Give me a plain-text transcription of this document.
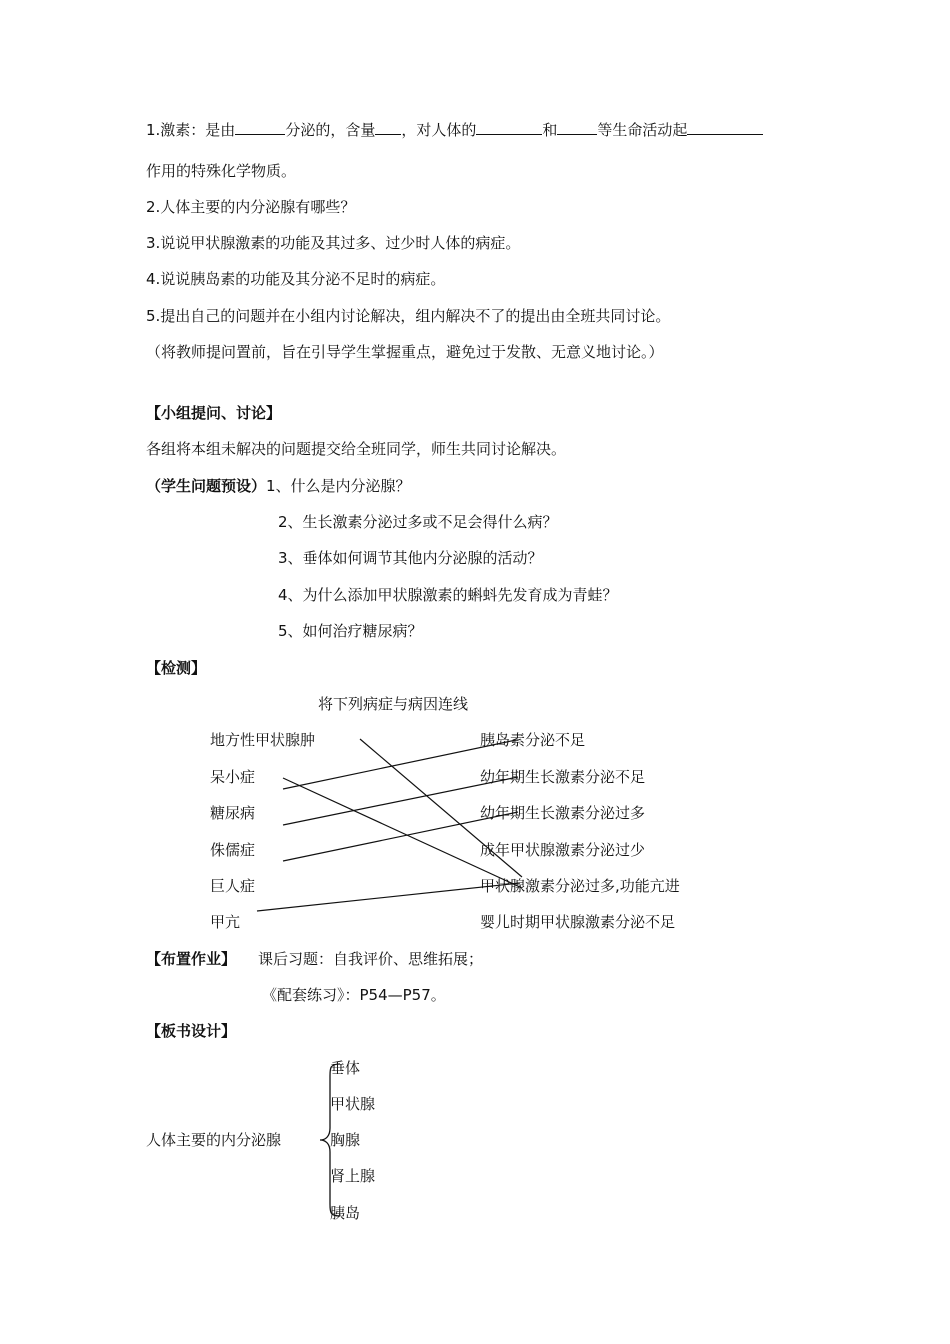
1.激素：是由	分泌的，含量 ，对人体的	和	等生命活动起
作用的特殊化学物质。
2.人体主要的内分泌腺有哪些？
3.说说甲状腺激素的功能及其过多、过少时人体的病症。
4.说说胰岛素的功能及其分泌不足时的病症。
5.提出自己的问题并在小组内讨论解决，组内解决不了的提出由全班共同讨论。
（将教师提问置前，旨在引导学生掌握重点，避免过于发散、无意义地讨论。）
【小组提问、讨论】
各组将本组未解决的问题提交给全班同学，师生共同讨论解决。
（学生问题预设）1、什么是内分泌腺？
2、生长激素分泌过多或不足会得什么病？
3、垂体如何调节其他内分泌腺的活动？
4、为什么添加甲状腺激素的蝌蚪先发育成为青蛙？
5、如何治疗糖尿病？
【检测】
将下列病症与病因连线
地方性甲状腺肿
呆小症
糖尿病
侏儒症
巨人症
甲亢
胰岛素分泌不足
幼年期生长激素分泌不足
幼年期生长激素分泌过多
成年甲状腺激素分泌过少
甲状腺激素分泌过多,功能亢进
婴儿时期甲状腺激素分泌不足
【布置作业】 课后习题：自我评价、思维拓展；
《配套练习》：P54—P57。
【板书设计】
人体主要的内分泌腺
垂体
甲状腺
胸腺
肾上腺
胰岛
